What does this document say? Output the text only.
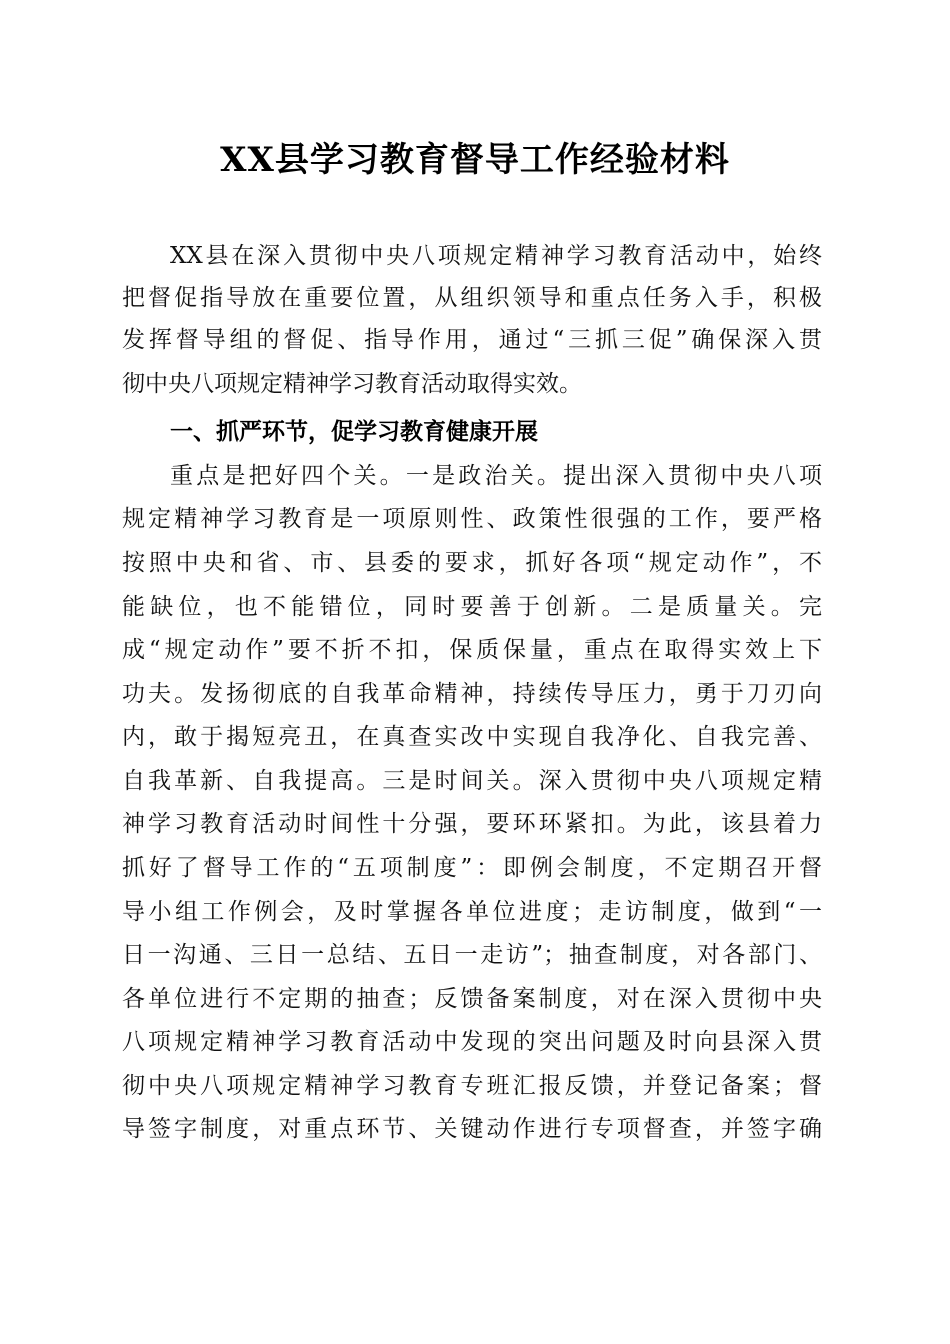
XX县学习教育督导工作经验材料
XX县在深入贯彻中央八项规定精神学习教育活动中，始终
把督促指导放在重要位置，从组织领导和重点任务入手，积极
发挥督导组的督促、指导作用，通过“三抓三促”确保深入贯
彻中央八项规定精神学习教育活动取得实效。
一、抓严环节，促学习教育健康开展
重点是把好四个关。一是政治关。提出深入贯彻中央八项
规定精神学习教育是一项原则性、政策性很强的工作，要严格
按照中央和省、市、县委的要求，抓好各项“规定动作”，不
能缺位，也不能错位，同时要善于创新。二是质量关。完
成“规定动作”要不折不扣，保质保量，重点在取得实效上下
功夫。发扬彻底的自我革命精神，持续传导压力，勇于刀刃向
内，敢于揭短亮丑，在真查实改中实现自我净化、自我完善、
自我革新、自我提高。三是时间关。深入贯彻中央八项规定精
神学习教育活动时间性十分强，要环环紧扣。为此，该县着力
抓好了督导工作的“五项制度”：即例会制度，不定期召开督
导小组工作例会，及时掌握各单位进度；走访制度，做到“一
日一沟通、三日一总结、五日一走访”；抽查制度，对各部门、
各单位进行不定期的抽查；反馈备案制度，对在深入贯彻中央
八项规定精神学习教育活动中发现的突出问题及时向县深入贯
彻中央八项规定精神学习教育专班汇报反馈，并登记备案；督
导签字制度，对重点环节、关键动作进行专项督查，并签字确
